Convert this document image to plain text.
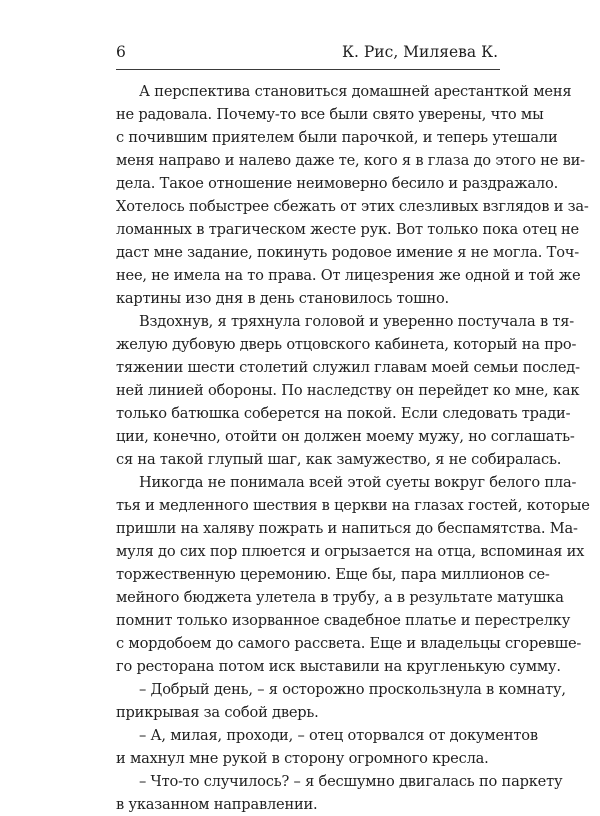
6	К. Рис, Миляева К.
А перспектива становиться домашней арестанткой меня
не радовала. Почему-то все были свято уверены, что мы
с почившим приятелем были парочкой, и теперь утешали
меня направо и налево даже те, кого я в глаза до этого не ви-
дела. Такое отношение неимоверно бесило и раздражало.
Хотелось побыстрее сбежать от этих слезливых взглядов и за-
ломанных в трагическом жесте рук. Вот только пока отец не
даст мне задание, покинуть родовое имение я не могла. Точ-
нее, не имела на то права. От лицезрения же одной и той же
картины изо дня в день становилось тошно.
Вздохнув, я тряхнула головой и уверенно постучала в тя-
желую дубовую дверь отцовского кабинета, который на про-
тяжении шести столетий служил главам моей семьи послед-
ней линией обороны. По наследству он перейдет ко мне, как
только батюшка соберется на покой. Если следовать тради-
ции, конечно, отойти он должен моему мужу, но соглашать-
ся на такой глупый шаг, как замужество, я не собиралась.
Никогда не понимала всей этой суеты вокруг белого пла-
тья и медленного шествия в церкви на глазах гостей, которые
пришли на халяву пожрать и напиться до беспамятства. Ма-
муля до сих пор плюется и огрызается на отца, вспоминая их
торжественную церемонию. Еще бы, пара миллионов се-
мейного бюджета улетела в трубу, а в результате матушка
помнит только изорванное свадебное платье и перестрелку
с мордобоем до самого рассвета. Еще и владельцы сгоревше-
го ресторана потом иск выставили на кругленькую сумму.
– Добрый день, – я осторожно проскользнула в комнату,
прикрывая за собой дверь.
– А, милая, проходи, – отец оторвался от документов
и махнул мне рукой в сторону огромного кресла.
– Что-то случилось? – я бесшумно двигалась по паркету
в указанном направлении.
